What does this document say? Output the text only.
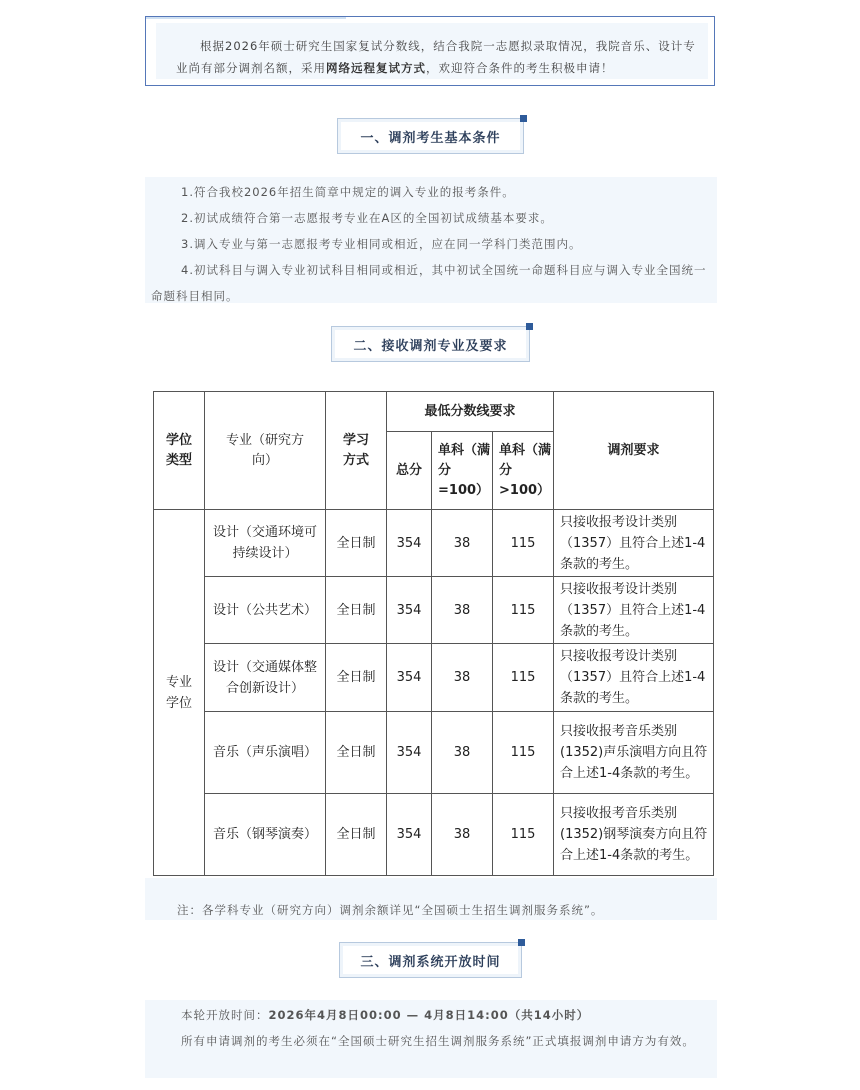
根据2026年硕士研究生国家复试分数线，结合我院一志愿拟录取情况，我院音乐、设计专业尚有部分调剂名额，采用网络远程复试方式，欢迎符合条件的考生积极申请！
一、调剂考生基本条件

1.符合我校2026年招生简章中规定的调入专业的报考条件。

2.初试成绩符合第一志愿报考专业在A区的全国初试成绩基本要求。

3.调入专业与第一志愿报考专业相同或相近，应在同一学科门类范围内。

4.初试科目与调入专业初试科目相同或相近，其中初试全国统一命题科目应与调入专业全国统一命题科目相同。

二、接收调剂专业及要求
学位类型	专业（研究方向）	学习方式	最低分数线要求			调剂要求
			总分	单科（满分=100）	单科（满分>100）	
专业学位	设计（交通环境可持续设计）	全日制	354	38	115	只接收报考设计类别（1357）且符合上述1-4条款的考生。
	设计（公共艺术）	全日制	354	38	115	只接收报考设计类别（1357）且符合上述1-4条款的考生。
	设计（交通媒体整合创新设计）	全日制	354	38	115	只接收报考设计类别（1357）且符合上述1-4条款的考生。
	音乐（声乐演唱）	全日制	354	38	115	只接收报考音乐类别(1352)声乐演唱方向且符合上述1-4条款的考生。
	音乐（钢琴演奏）	全日制	354	38	115	只接收报考音乐类别(1352)钢琴演奏方向且符合上述1-4条款的考生。
注：各学科专业（研究方向）调剂余额详见“全国硕士生招生调剂服务系统”。
三、调剂系统开放时间

本轮开放时间：2026年4月8日00:00 — 4月8日14:00（共14小时）

所有申请调剂的考生必须在“全国硕士研究生招生调剂服务系统”正式填报调剂申请方为有效。
